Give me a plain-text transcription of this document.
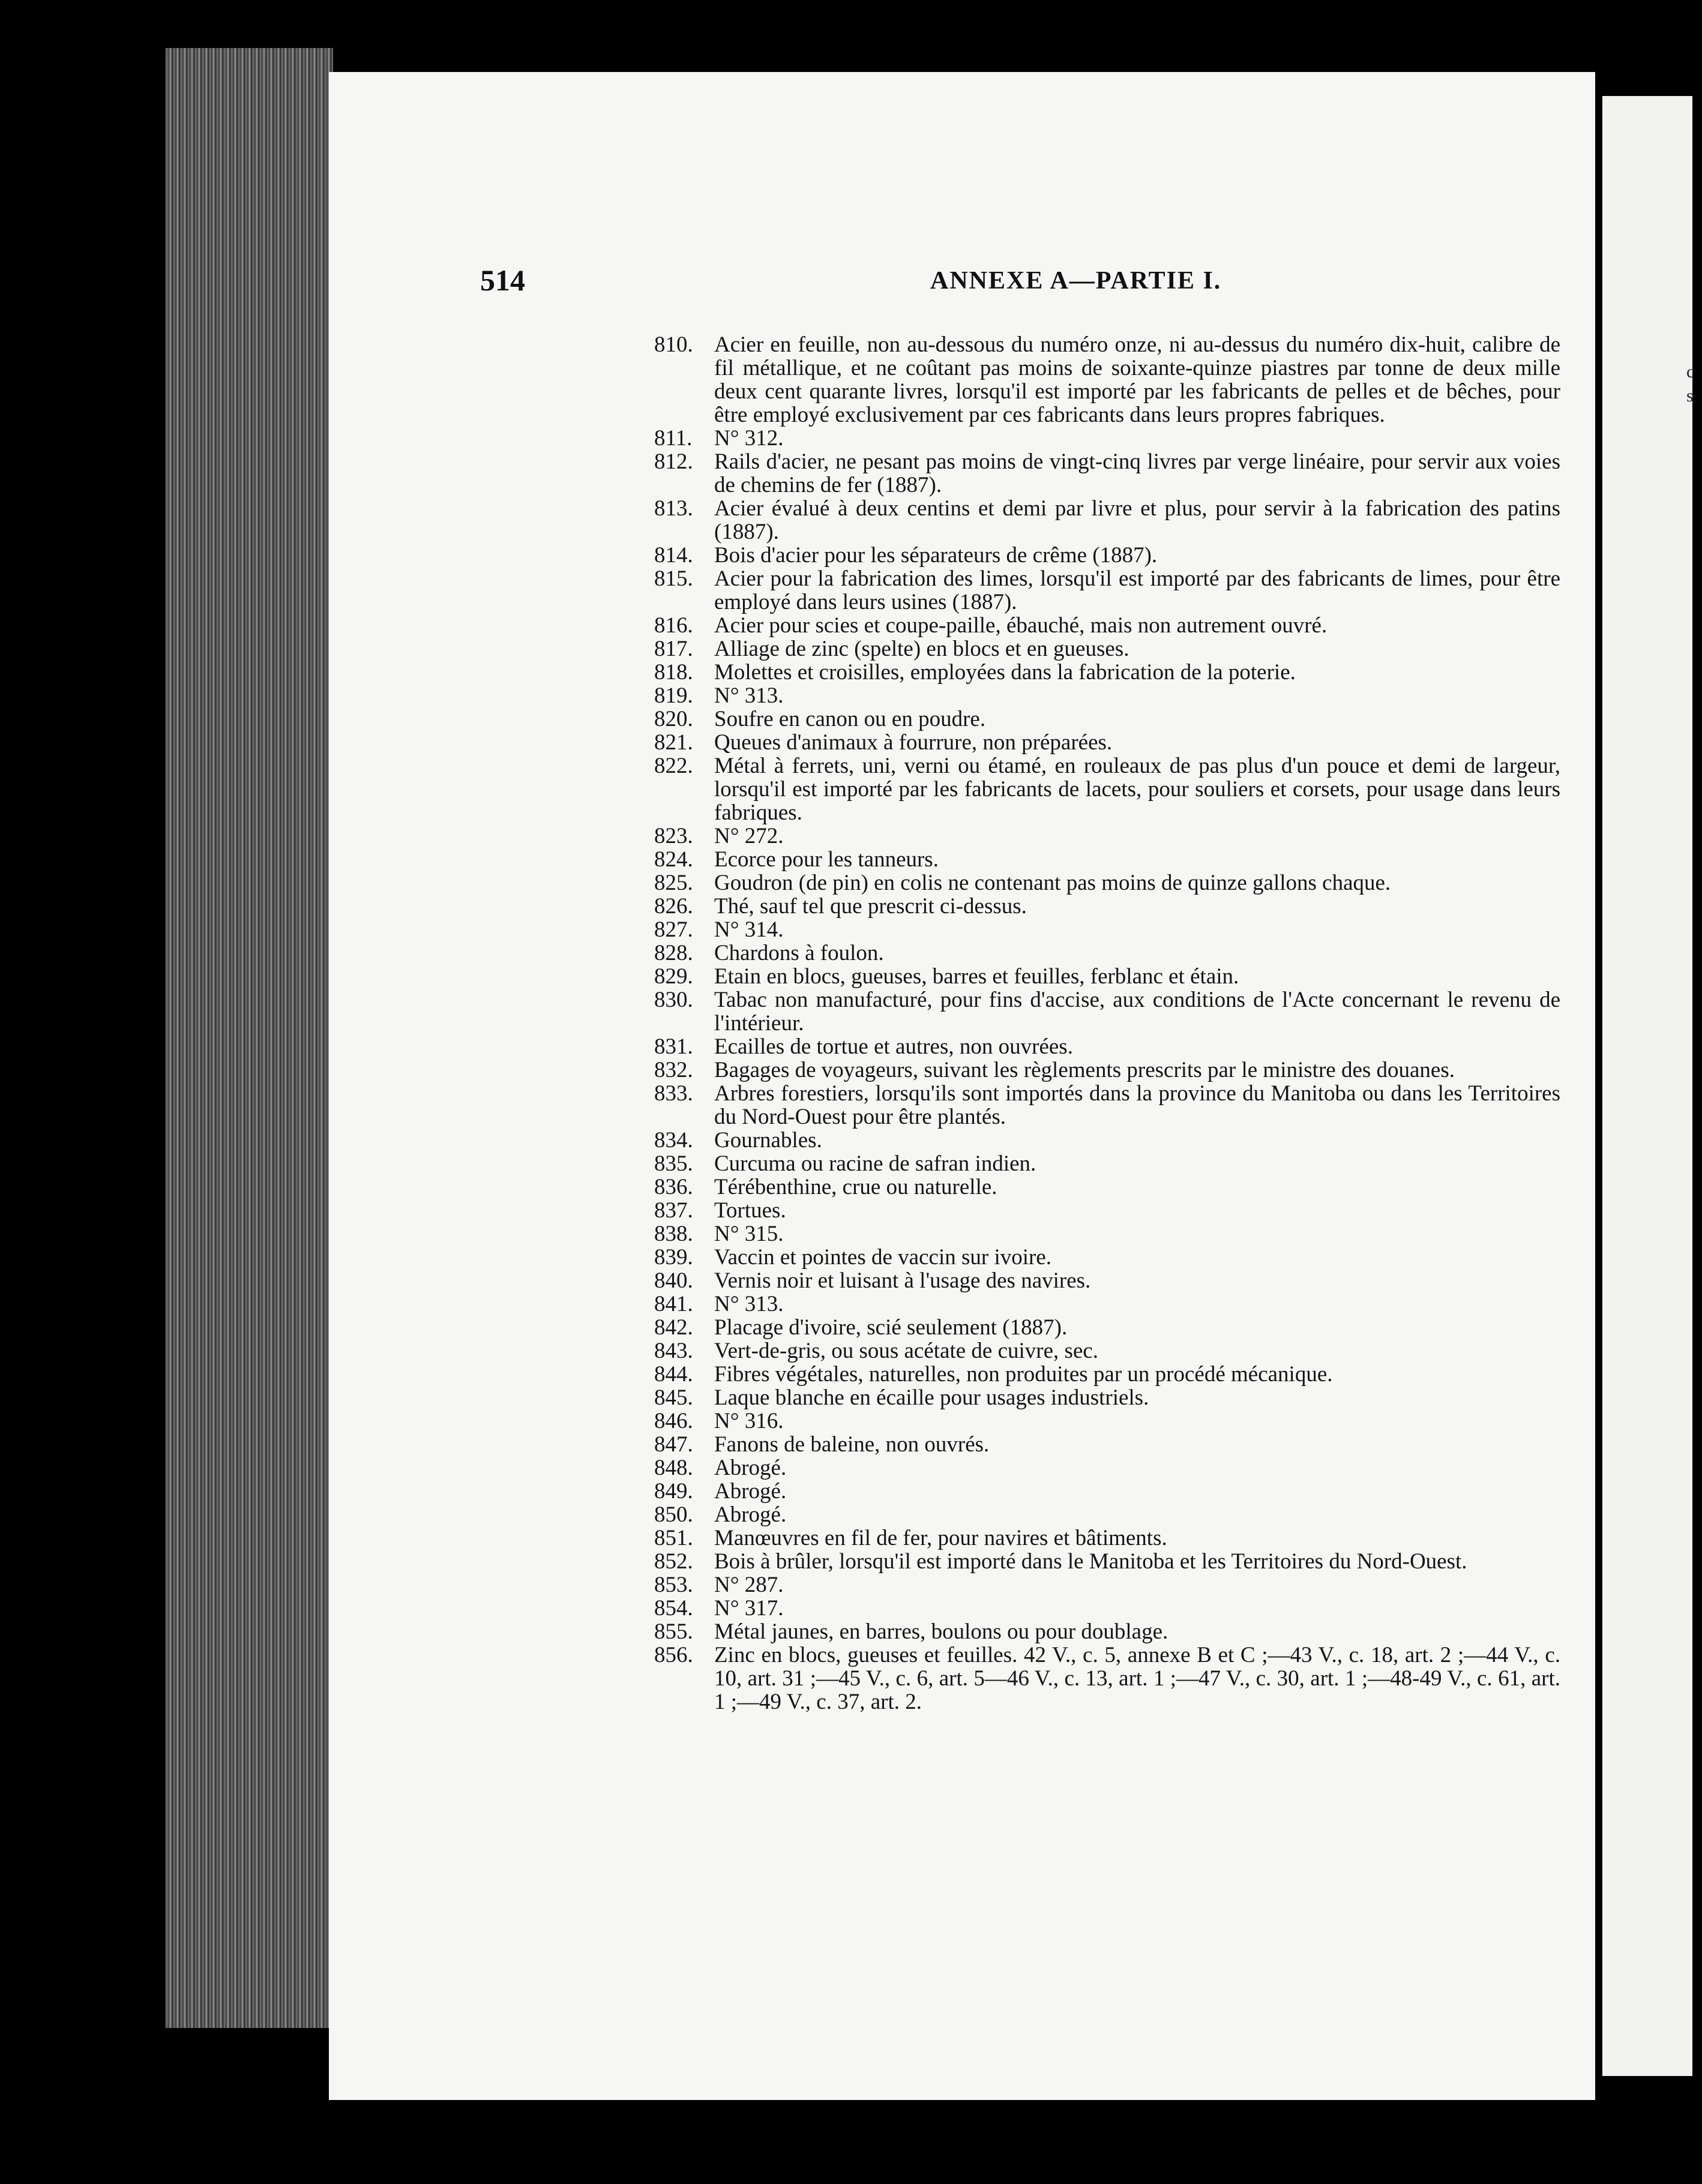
c
s
514	ANNEXE A—PARTIE I.
810. Acier en feuille, non au-dessous du numéro onze, ni au-dessus du numéro dix-huit, calibre de fil métallique, et ne coûtant pas moins de soixante-quinze piastres par tonne de deux mille deux cent quarante livres, lorsqu'il est importé par les fabricants de pelles et de bêches, pour être employé exclusivement par ces fabricants dans leurs propres fabriques.
811. N° 312.
812. Rails d'acier, ne pesant pas moins de vingt-cinq livres par verge linéaire, pour servir aux voies de chemins de fer (1887).
813. Acier évalué à deux centins et demi par livre et plus, pour servir à la fabrication des patins (1887).
814. Bois d'acier pour les séparateurs de crême (1887).
815. Acier pour la fabrication des limes, lorsqu'il est importé par des fabricants de limes, pour être employé dans leurs usines (1887).
816. Acier pour scies et coupe-paille, ébauché, mais non autrement ouvré.
817. Alliage de zinc (spelte) en blocs et en gueuses.
818. Molettes et croisilles, employées dans la fabrication de la poterie.
819. N° 313.
820. Soufre en canon ou en poudre.
821. Queues d'animaux à fourrure, non préparées.
822. Métal à ferrets, uni, verni ou étamé, en rouleaux de pas plus d'un pouce et demi de largeur, lorsqu'il est importé par les fabricants de lacets, pour souliers et corsets, pour usage dans leurs fabriques.
823. N° 272.
824. Ecorce pour les tanneurs.
825. Goudron (de pin) en colis ne contenant pas moins de quinze gallons chaque.
826. Thé, sauf tel que prescrit ci-dessus.
827. N° 314.
828. Chardons à foulon.
829. Etain en blocs, gueuses, barres et feuilles, ferblanc et étain.
830. Tabac non manufacturé, pour fins d'accise, aux conditions de l'Acte concernant le revenu de l'intérieur.
831. Ecailles de tortue et autres, non ouvrées.
832. Bagages de voyageurs, suivant les règlements prescrits par le ministre des douanes.
833. Arbres forestiers, lorsqu'ils sont importés dans la province du Manitoba ou dans les Territoires du Nord-Ouest pour être plantés.
834. Gournables.
835. Curcuma ou racine de safran indien.
836. Térébenthine, crue ou naturelle.
837. Tortues.
838. N° 315.
839. Vaccin et pointes de vaccin sur ivoire.
840. Vernis noir et luisant à l'usage des navires.
841. N° 313.
842. Placage d'ivoire, scié seulement (1887).
843. Vert-de-gris, ou sous acétate de cuivre, sec.
844. Fibres végétales, naturelles, non produites par un procédé mécanique.
845. Laque blanche en écaille pour usages industriels.
846. N° 316.
847. Fanons de baleine, non ouvrés.
848. Abrogé.
849. Abrogé.
850. Abrogé.
851. Manœuvres en fil de fer, pour navires et bâtiments.
852. Bois à brûler, lorsqu'il est importé dans le Manitoba et les Territoires du Nord-Ouest.
853. N° 287.
854. N° 317.
855. Métal jaunes, en barres, boulons ou pour doublage.
856. Zinc en blocs, gueuses et feuilles. 42 V., c. 5, annexe B et C ;—43 V., c. 18, art. 2 ;—44 V., c. 10, art. 31 ;—45 V., c. 6, art. 5—46 V., c. 13, art. 1 ;—47 V., c. 30, art. 1 ;—48-49 V., c. 61, art. 1 ;—49 V., c. 37, art. 2.
